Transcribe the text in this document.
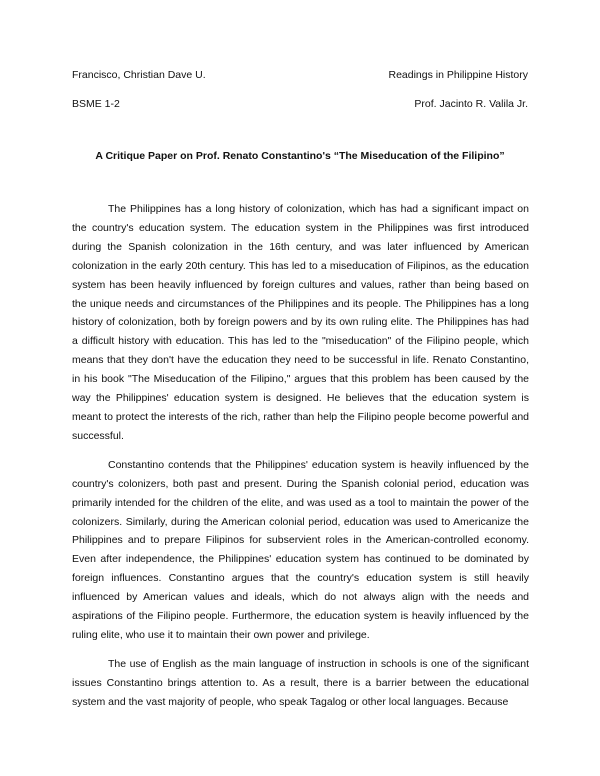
Francisco, Christian Dave U.	Readings in Philippine History
BSME 1-2	Prof. Jacinto R. Valila Jr.
A Critique Paper on Prof. Renato Constantino's “The Miseducation of the Filipino”

The Philippines has a long history of colonization, which has had a significant impact on the country's education system. The education system in the Philippines was first introduced during the Spanish colonization in the 16th century, and was later influenced by American colonization in the early 20th century. This has led to a miseducation of Filipinos, as the education system has been heavily influenced by foreign cultures and values, rather than being based on the unique needs and circumstances of the Philippines and its people. The Philippines has a long history of colonization, both by foreign powers and by its own ruling elite. The Philippines has had a difficult history with education. This has led to the "miseducation" of the Filipino people, which means that they don't have the education they need to be successful in life. Renato Constantino, in his book "The Miseducation of the Filipino," argues that this problem has been caused by the way the Philippines' education system is designed. He believes that the education system is meant to protect the interests of the rich, rather than help the Filipino people become powerful and successful.

Constantino contends that the Philippines' education system is heavily influenced by the country's colonizers, both past and present. During the Spanish colonial period, education was primarily intended for the children of the elite, and was used as a tool to maintain the power of the colonizers. Similarly, during the American colonial period, education was used to Americanize the Philippines and to prepare Filipinos for subservient roles in the American-controlled economy. Even after independence, the Philippines' education system has continued to be dominated by foreign influences. Constantino argues that the country's education system is still heavily influenced by American values and ideals, which do not always align with the needs and aspirations of the Filipino people. Furthermore, the education system is heavily influenced by the ruling elite, who use it to maintain their own power and privilege.

The use of English as the main language of instruction in schools is one of the significant issues Constantino brings attention to. As a result, there is a barrier between the educational system and the vast majority of people, who speak Tagalog or other local languages. Because
